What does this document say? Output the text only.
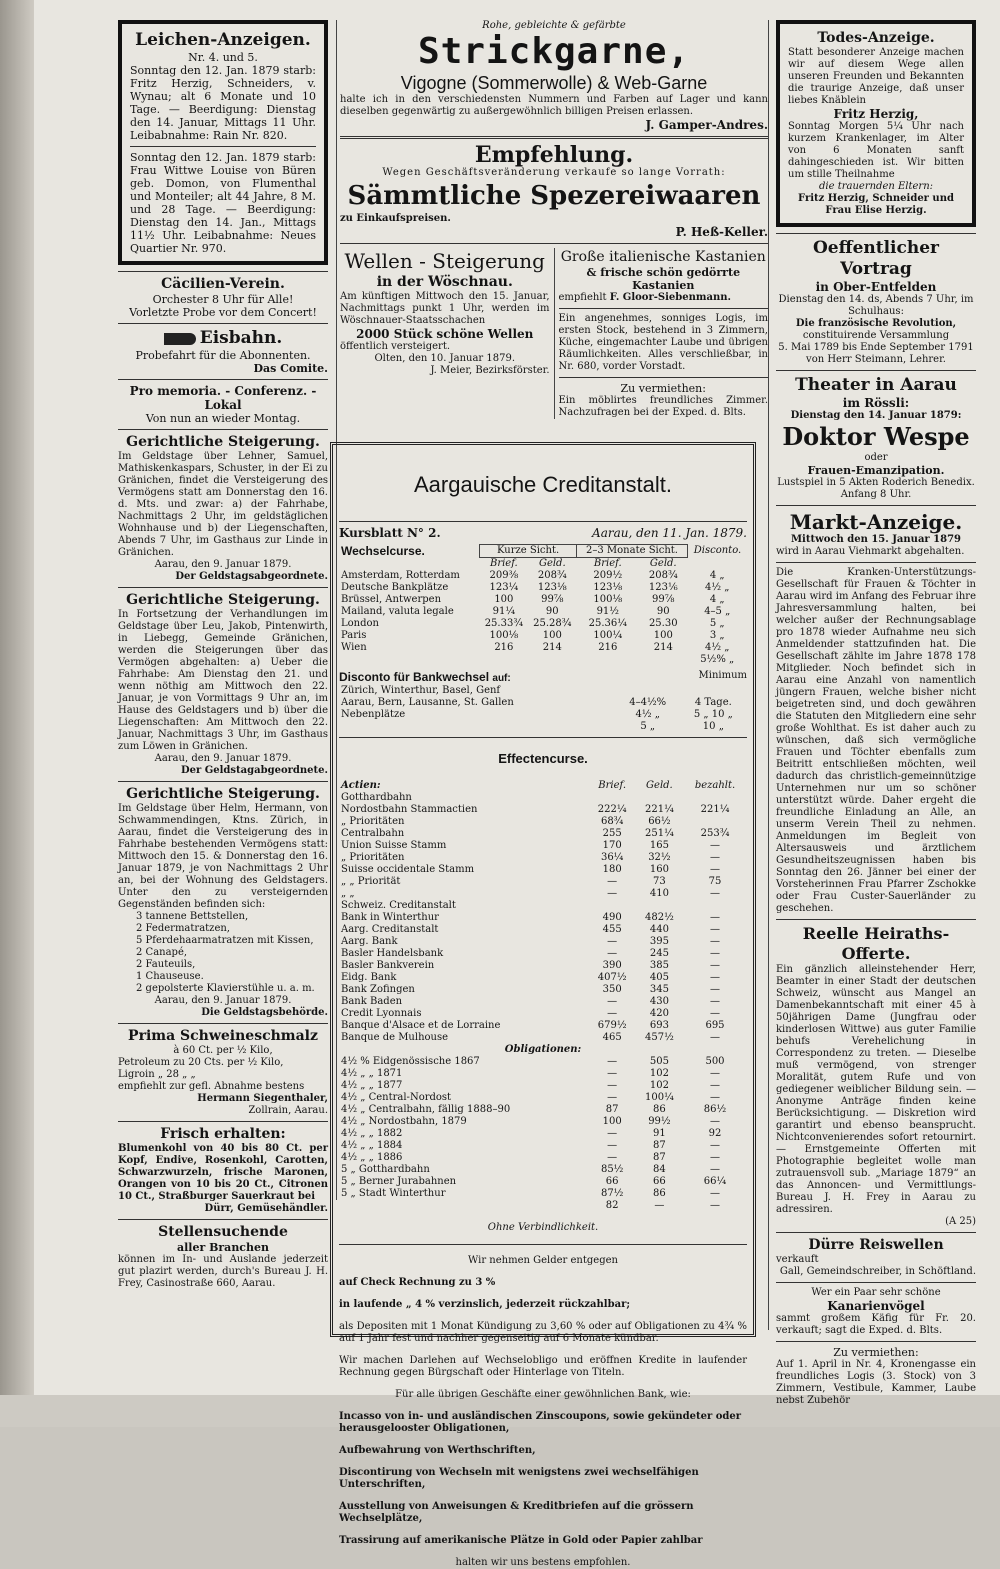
Leichen-Anzeigen.

Nr. 4. und 5.

Sonntag den 12. Jan. 1879 starb: Fritz Herzig, Schneiders, v. Wynau; alt 6 Monate und 10 Tage. — Beerdigung: Dienstag den 14. Januar, Mittags 11 Uhr. Leibabnahme: Rain Nr. 820.

Sonntag den 12. Jan. 1879 starb: Frau Wittwe Louise von Büren geb. Domon, von Flumenthal und Monteiler; alt 44 Jahre, 8 M. und 28 Tage. — Beerdigung: Dienstag den 14. Jan., Mittags 11½ Uhr. Leibabnahme: Neues Quartier Nr. 970.

Cäcilien-Verein.

Orchester 8 Uhr für Alle!

Vorletzte Probe vor dem Concert!

Eisbahn.

Probefahrt für die Abonnenten.

Das Comite.

Pro memoria. - Conferenz. - Lokal

Von nun an wieder Montag.

Gerichtliche Steigerung.

Im Geldstage über Lehner, Samuel, Mathiskenkaspars, Schuster, in der Ei zu Gränichen, findet die Versteigerung des Vermögens statt am Donnerstag den 16. d. Mts. und zwar: a) der Fahrhabe, Nachmittags 2 Uhr, im geldstäglichen Wohnhause und b) der Liegenschaften, Abends 7 Uhr, im Gasthaus zur Linde in Gränichen.

Aarau, den 9. Januar 1879.

Der Geldstagsabgeordnete.

Gerichtliche Steigerung.

In Fortsetzung der Verhandlungen im Geldstage über Leu, Jakob, Pintenwirth, in Liebegg, Gemeinde Gränichen, werden die Steigerungen über das Vermögen abgehalten: a) Ueber die Fahrhabe: Am Dienstag den 21. und wenn nöthig am Mittwoch den 22. Januar, je von Vormittags 9 Uhr an, im Hause des Geldstagers und b) über die Liegenschaften: Am Mittwoch den 22. Januar, Nachmittags 3 Uhr, im Gasthaus zum Löwen in Gränichen.

Aarau, den 9. Januar 1879.

Der Geldstagabgeordnete.

Gerichtliche Steigerung.

Im Geldstage über Helm, Hermann, von Schwammendingen, Ktns. Zürich, in Aarau, findet die Versteigerung des in Fahrhabe bestehenden Vermögens statt: Mittwoch den 15. & Donnerstag den 16. Januar 1879, je von Nachmittags 2 Uhr an, bei der Wohnung des Geldstagers. Unter den zu versteigernden Gegenständen befinden sich:

3 tannene Bettstellen,

2 Federmatratzen,

5 Pferdehaarmatratzen mit Kissen,

2 Canapé,

2 Fauteuils,

1 Chauseuse.

2 gepolsterte Klavierstühle u. a. m.

Aarau, den 9. Januar 1879.

Die Geldstagsbehörde.

Prima Schweineschmalz

à 60 Ct. per ½ Kilo,

Petroleum zu 20 Cts. per ½ Kilo,

Ligroin „ 28 „ „

empfiehlt zur gefl. Abnahme bestens

Hermann Siegenthaler,

Zollrain, Aarau.

Frisch erhalten:

Blumenkohl von 40 bis 80 Ct. per Kopf, Endive, Rosenkohl, Carotten, Schwarzwurzeln, frische Maronen, Orangen von 10 bis 20 Ct., Citronen 10 Ct., Straßburger Sauerkraut bei

Dürr, Gemüsehändler.

Stellensuchende

aller Branchen

können im In- und Auslande jederzeit gut plazirt werden, durch's Bureau J. H. Frey, Casinostraße 660, Aarau.

Rohe, gebleichte & gefärbte

Strickgarne,

Vigogne (Sommerwolle) & Web-Garne

halte ich in den verschiedensten Nummern und Farben auf Lager und kann dieselben gegenwärtig zu außergewöhnlich billigen Preisen erlassen.

J. Gamper-Andres.

Empfehlung.

Wegen Geschäftsveränderung verkaufe so lange Vorrath:

Sämmtliche Spezereiwaaren

zu Einkaufspreisen.

P. Heß-Keller.

Wellen - Steigerung

in der Wöschnau.

Am künftigen Mittwoch den 15. Januar, Nachmittags punkt 1 Uhr, werden im Wöschnauer-Staatsschachen

2000 Stück schöne Wellen

öffentlich versteigert.

Olten, den 10. Januar 1879.

J. Meier, Bezirksförster.

Große italienische Kastanien

& frische schön gedörrte Kastanien

empfiehlt F. Gloor-Siebenmann.

Ein angenehmes, sonniges Logis, im ersten Stock, bestehend in 3 Zimmern, Küche, eingemachter Laube und übrigen Räumlichkeiten. Alles verschließbar, in Nr. 680, vorder Vorstadt.

Zu vermiethen:

Ein möblirtes freundliches Zimmer. Nachzufragen bei der Exped. d. Blts.

Aargauische Creditanstalt.

Kursblatt N° 2.	Aarau, den 11. Jan. 1879.
Wechselcurse.	Kurze Sicht.		2–3 Monate Sicht.		Disconto.
	Brief.	Geld.	Brief.	Geld.	
Amsterdam, Rotterdam	209⅜	208¾	209½	208¾	4 „
Deutsche Bankplätze	123¼	123⅛	123⅛	123⅙	4½ „
Brüssel, Antwerpen	100	99⅞	100⅛	99⅞	4 „
Mailand, valuta legale	91¼	90	91½	90	4–5 „
London	25.33¾	25.28¾	25.36¼	25.30	5 „
Paris	100⅛	100	100¼	100	3 „
Wien	216	214	216	214	4½ „
					5½% „
Disconto für Bankwechsel auf:	Minimum
Zürich, Winterthur, Basel, Genf		
Aarau, Bern, Lausanne, St. Gallen	4–4½%	4 Tage.
Nebenplätze	4½ „	5 „ 10 „
	5 „	10 „

Effectencurse.

Actien:	Brief.	Geld.	bezahlt.
Gotthardbahn			
Nordostbahn Stammactien	222¼	221¼	221¼
„ Prioritäten	68¾	66½	
Centralbahn	255	251¼	253¾
Union Suisse Stamm	170	165	—
„ Prioritäten	36¼	32½	—
Suisse occidentale Stamm	180	160	—
„ „ Priorität	—	73	75
„ „	—	410	—
Schweiz. Creditanstalt			
Bank in Winterthur	490	482½	—
Aarg. Creditanstalt	455	440	—
Aarg. Bank	—	395	—
Basler Handelsbank	—	245	—
Basler Bankverein	390	385	—
Eidg. Bank	407½	405	—
Bank Zofingen	350	345	—
Bank Baden	—	430	—
Credit Lyonnais	—	420	—
Banque d'Alsace et de Lorraine	679½	693	695
Banque de Mulhouse	465	457½	—
Obligationen:			
4½ % Eidgenössische 1867	—	505	500
4½ „ „ 1871	—	102	—
4½ „ „ 1877	—	102	—
4½ „ Central-Nordost	—	100¼	—
4½ „ Centralbahn, fällig 1888–90	87	86	86½
4½ „ Nordostbahn, 1879	100	99½	—
4½ „ „ 1882	—	91	92
4½ „ „ 1884	—	87	—
4½ „ „ 1886	—	87	—
5 „ Gotthardbahn	85½	84	—
5 „ Berner Jurabahnen	66	66	66¼
5 „ Stadt Winterthur	87½	86	—
	82	—	—

Ohne Verbindlichkeit.

Wir nehmen Gelder entgegen

auf Check Rechnung zu 3 %

in laufende „ 4 % verzinslich, jederzeit rückzahlbar;

als Depositen mit 1 Monat Kündigung zu 3,60 % oder auf Obligationen zu 4¾ % auf 1 Jahr fest und nachher gegenseitig auf 6 Monate kündbar.

Wir machen Darlehen auf Wechselobligo und eröffnen Kredite in laufender Rechnung gegen Bürgschaft oder Hinterlage von Titeln.

Für alle übrigen Geschäfte einer gewöhnlichen Bank, wie:

Incasso von in- und ausländischen Zinscoupons, sowie gekündeter oder herausgelooster Obligationen,

Aufbewahrung von Werthschriften,

Discontirung von Wechseln mit wenigstens zwei wechselfähigen Unterschriften,

Ausstellung von Anweisungen & Kreditbriefen auf die grössern Wechselplätze,

Trassirung auf amerikanische Plätze in Gold oder Papier zahlbar

halten wir uns bestens empfohlen.

Todes-Anzeige.

Statt besonderer Anzeige machen wir auf diesem Wege allen unseren Freunden und Bekannten die traurige Anzeige, daß unser liebes Knäblein

Fritz Herzig,

Sonntag Morgen 5¼ Uhr nach kurzem Krankenlager, im Alter von 6 Monaten sanft dahingeschieden ist. Wir bitten um stille Theilnahme

die trauernden Eltern:

Fritz Herzig, Schneider und Frau Elise Herzig.

Oeffentlicher Vortrag

in Ober-Entfelden

Dienstag den 14. ds, Abends 7 Uhr, im Schulhaus:

Die französische Revolution,

constituirende Versammlung

5. Mai 1789 bis Ende September 1791

von Herr Steimann, Lehrer.

Theater in Aarau

im Rössli:

Dienstag den 14. Januar 1879:

Doktor Wespe

oder

Frauen-Emanzipation.

Lustspiel in 5 Akten Roderich Benedix.

Anfang 8 Uhr.

Markt-Anzeige.

Mittwoch den 15. Januar 1879

wird in Aarau Viehmarkt abgehalten.

Die Kranken-Unterstützungs-Gesellschaft für Frauen & Töchter in Aarau wird im Anfang des Februar ihre Jahresversammlung halten, bei welcher außer der Rechnungsablage pro 1878 wieder Aufnahme neu sich Anmeldender stattzufinden hat. Die Gesellschaft zählte im Jahre 1878 178 Mitglieder. Noch befindet sich in Aarau eine Anzahl von namentlich jüngern Frauen, welche bisher nicht beigetreten sind, und doch gewähren die Statuten den Mitgliedern eine sehr große Wohlthat. Es ist daher auch zu wünschen, daß sich vermögliche Frauen und Töchter ebenfalls zum Beitritt entschließen möchten, weil dadurch das christlich-gemeinnützige Unternehmen nur um so schöner unterstützt würde. Daher ergeht die freundliche Einladung an Alle, an unserm Verein Theil zu nehmen. Anmeldungen im Begleit von Altersausweis und ärztlichem Gesundheitszeugnissen haben bis Sonntag den 26. Jänner bei einer der Vorsteherinnen Frau Pfarrer Zschokke oder Frau Custer-Sauerländer zu geschehen.

Reelle Heiraths-Offerte.

Ein gänzlich alleinstehender Herr, Beamter in einer Stadt der deutschen Schweiz, wünscht aus Mangel an Damenbekanntschaft mit einer 45 à 50jährigen Dame (Jungfrau oder kinderlosen Wittwe) aus guter Familie behufs Verehelichung in Correspondenz zu treten. — Dieselbe muß vermögend, von strenger Moralität, gutem Rufe und von gediegener weiblicher Bildung sein. — Anonyme Anträge finden keine Berücksichtigung. — Diskretion wird garantirt und ebenso beansprucht. Nichtconvenierendes sofort retournirt. — Ernstgemeinte Offerten mit Photographie begleitet wolle man zutrauensvoll sub. „Mariage 1879“ an das Annoncen- und Vermittlungs-Bureau J. H. Frey in Aarau zu adressiren.

(A 25)

Dürre Reiswellen

verkauft

Gall, Gemeindschreiber, in Schöftland.

Wer ein Paar sehr schöne

Kanarienvögel

sammt großem Käfig für Fr. 20. verkauft; sagt die Exped. d. Blts.

Zu vermiethen:

Auf 1. April in Nr. 4, Kronengasse ein freundliches Logis (3. Stock) von 3 Zimmern, Vestibule, Kammer, Laube nebst Zubehör
